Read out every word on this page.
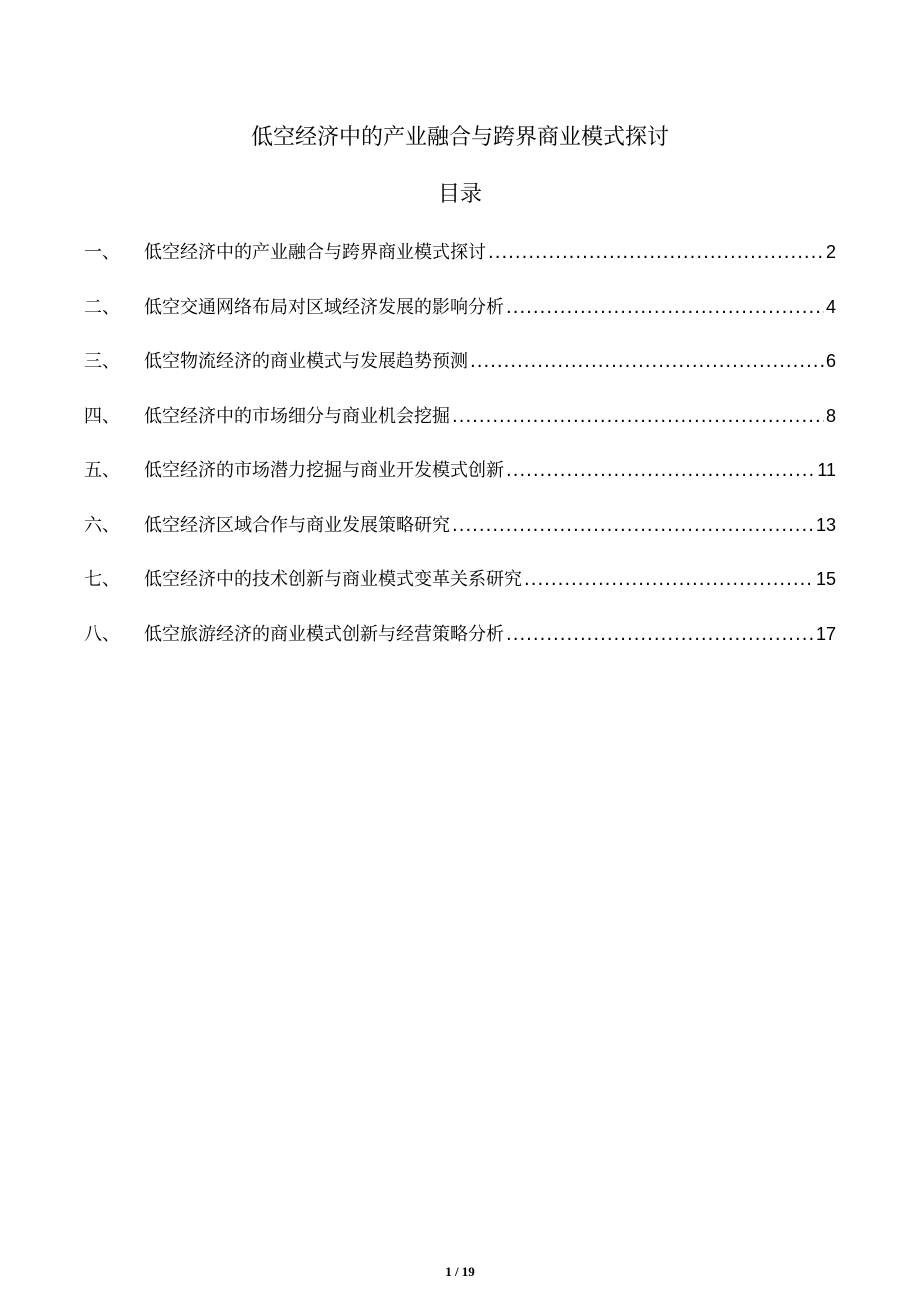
低空经济中的产业融合与跨界商业模式探讨
目录
一、	低空经济中的产业融合与跨界商业模式探讨 .....	2
二、	低空交通网络布局对区域经济发展的影响分析 .....	4
三、	低空物流经济的商业模式与发展趋势预测 .....	6
四、	低空经济中的市场细分与商业机会挖掘 .....	8
五、	低空经济的市场潜力挖掘与商业开发模式创新 .....	11
六、	低空经济区域合作与商业发展策略研究 .....	13
七、	低空经济中的技术创新与商业模式变革关系研究 .....	15
八、	低空旅游经济的商业模式创新与经营策略分析 .....	17
1 / 19
